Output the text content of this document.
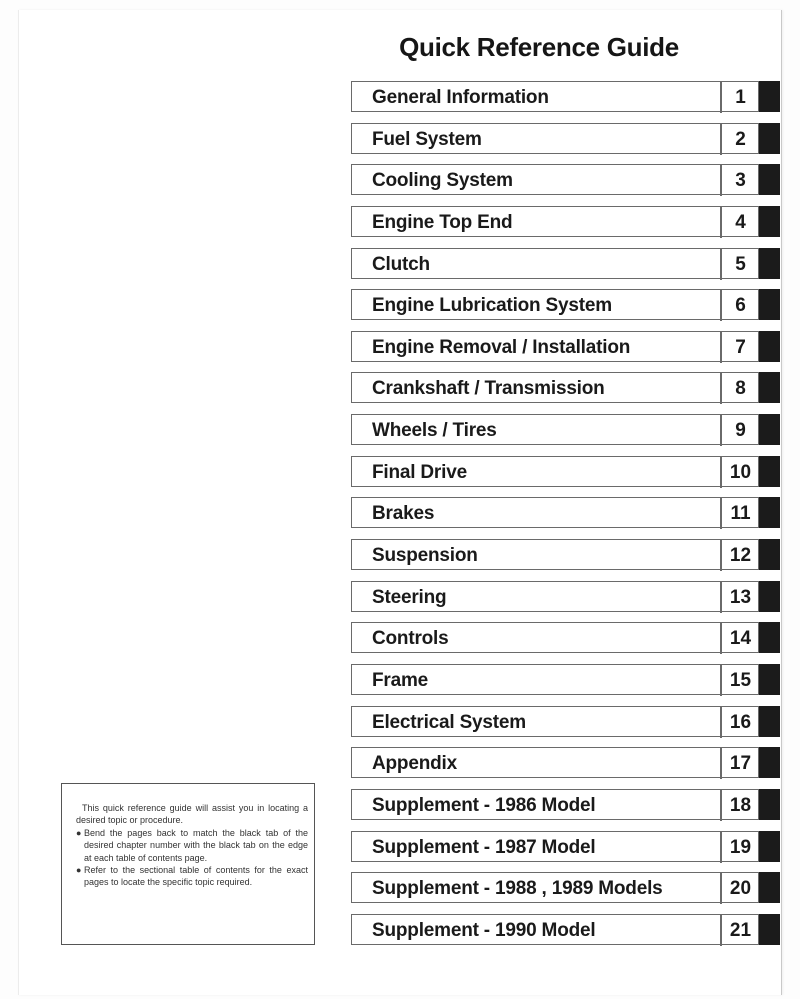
Quick Reference Guide
General Information	1
Fuel System	2
Cooling System	3
Engine Top End	4
Clutch	5
Engine Lubrication System	6
Engine Removal / Installation	7
Crankshaft / Transmission	8
Wheels / Tires	9
Final Drive	10
Brakes	11
Suspension	12
Steering	13
Controls	14
Frame	15
Electrical System	16
Appendix	17
Supplement - 1986 Model	18
Supplement - 1987 Model	19
Supplement - 1988 , 1989 Models	20
Supplement - 1990 Model	21

This quick reference guide will assist you in locating a desired topic or procedure.

● Bend the pages back to match the black tab of the desired chapter number with the black tab on the edge at each table of contents page.

● Refer to the sectional table of contents for the exact pages to locate the specific topic required.
